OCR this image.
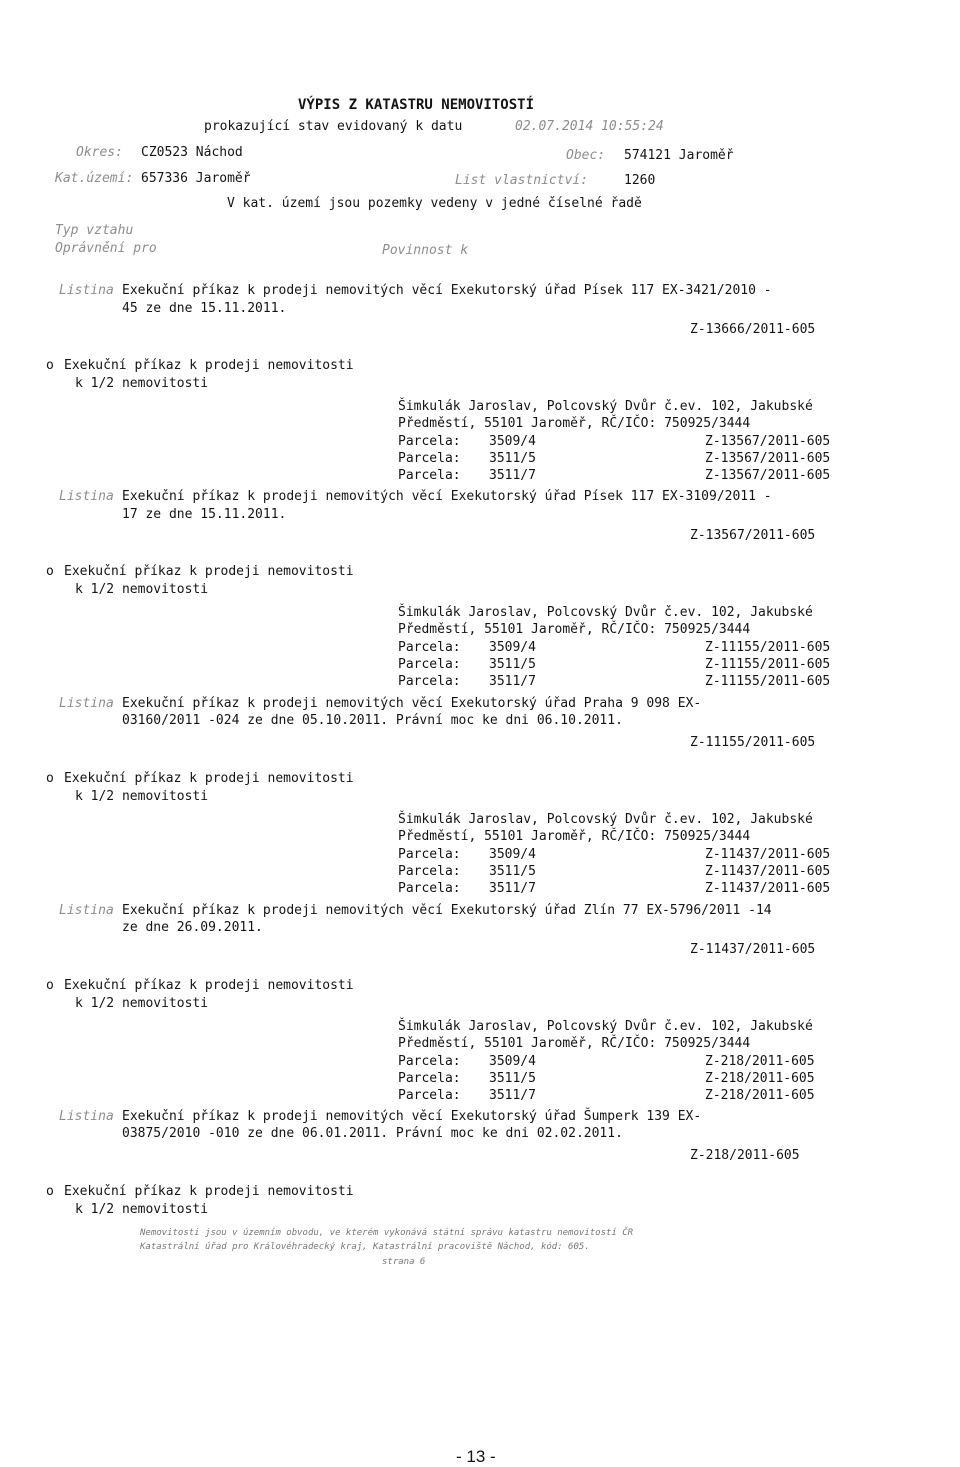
VÝPIS Z KATASTRU NEMOVITOSTÍ
prokazující stav evidovaný k datu	02.07.2014 10:55:24
Okres: CZ0523 Náchod	Obec: 574121 Jaroměř
Kat.území: 657336 Jaroměř	List vlastnictví:	1260
V kat. území jsou pozemky vedeny v jedné číselné řadě
Typ vztahu
Oprávnění pro	Povinnost k
Listina Exekuční příkaz k prodeji nemovitých věcí Exekutorský úřad Písek 117 EX-3421/2010 -
45 ze dne 15.11.2011.
Z-13666/2011-605
o Exekuční příkaz k prodeji nemovitosti
k 1/2 nemovitosti
Šimkulák Jaroslav, Polcovský Dvůr č.ev. 102, Jakubské
Předměstí, 55101 Jaroměř, RČ/IČO: 750925/3444
Parcela: 3509/4	Z-13567/2011-605
Parcela: 3511/5	Z-13567/2011-605
Parcela: 3511/7	Z-13567/2011-605
Listina Exekuční příkaz k prodeji nemovitých věcí Exekutorský úřad Písek 117 EX-3109/2011 -
17 ze dne 15.11.2011.
Z-13567/2011-605
o Exekuční příkaz k prodeji nemovitosti
k 1/2 nemovitosti
Šimkulák Jaroslav, Polcovský Dvůr č.ev. 102, Jakubské
Předměstí, 55101 Jaroměř, RČ/IČO: 750925/3444
Parcela: 3509/4	Z-11155/2011-605
Parcela: 3511/5	Z-11155/2011-605
Parcela: 3511/7	Z-11155/2011-605
Listina Exekuční příkaz k prodeji nemovitých věcí Exekutorský úřad Praha 9 098 EX-
03160/2011 -024 ze dne 05.10.2011. Právní moc ke dni 06.10.2011.
Z-11155/2011-605
o Exekuční příkaz k prodeji nemovitosti
k 1/2 nemovitosti
Šimkulák Jaroslav, Polcovský Dvůr č.ev. 102, Jakubské
Předměstí, 55101 Jaroměř, RČ/IČO: 750925/3444
Parcela: 3509/4	Z-11437/2011-605
Parcela: 3511/5	Z-11437/2011-605
Parcela: 3511/7	Z-11437/2011-605
Listina Exekuční příkaz k prodeji nemovitých věcí Exekutorský úřad Zlín 77 EX-5796/2011 -14
ze dne 26.09.2011.
Z-11437/2011-605
o Exekuční příkaz k prodeji nemovitosti
k 1/2 nemovitosti
Šimkulák Jaroslav, Polcovský Dvůr č.ev. 102, Jakubské
Předměstí, 55101 Jaroměř, RČ/IČO: 750925/3444
Parcela: 3509/4	Z-218/2011-605
Parcela: 3511/5	Z-218/2011-605
Parcela: 3511/7	Z-218/2011-605
Listina Exekuční příkaz k prodeji nemovitých věcí Exekutorský úřad Šumperk 139 EX-
03875/2010 -010 ze dne 06.01.2011. Právní moc ke dni 02.02.2011.
Z-218/2011-605
o Exekuční příkaz k prodeji nemovitosti
k 1/2 nemovitosti
Nemovitosti jsou v územním obvodu, ve kterém vykonává státní správu katastru nemovitostí ČR
Katastrální úřad pro Královéhradecký kraj, Katastrální pracoviště Náchod, kód: 605.
strana 6
- 13 -
